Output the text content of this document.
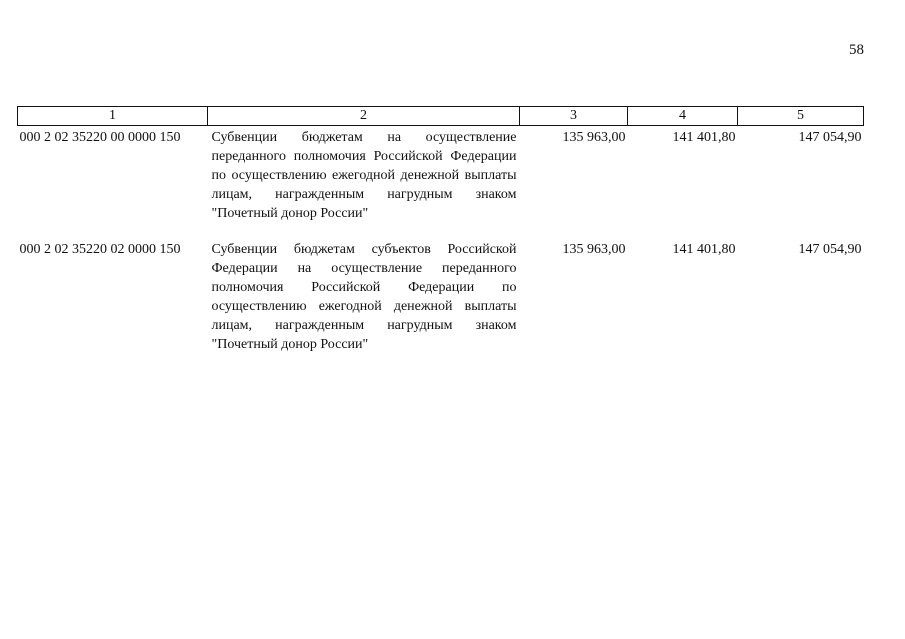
58
1	2	3	4	5
000 2 02 35220 00 0000 150	Субвенции бюджетам на осуществление переданного полномочия Российской Федерации по осуществлению ежегодной денежной выплаты лицам, награжденным нагрудным знаком "Почетный донор России"	135 963,00	141 401,80	147 054,90

000 2 02 35220 02 0000 150	Субвенции бюджетам субъектов Российской Федерации на осуществление переданного полномочия Российской Федерации по осуществлению ежегодной денежной выплаты лицам, награжденным нагрудным знаком "Почетный донор России"	135 963,00	141 401,80	147 054,90
